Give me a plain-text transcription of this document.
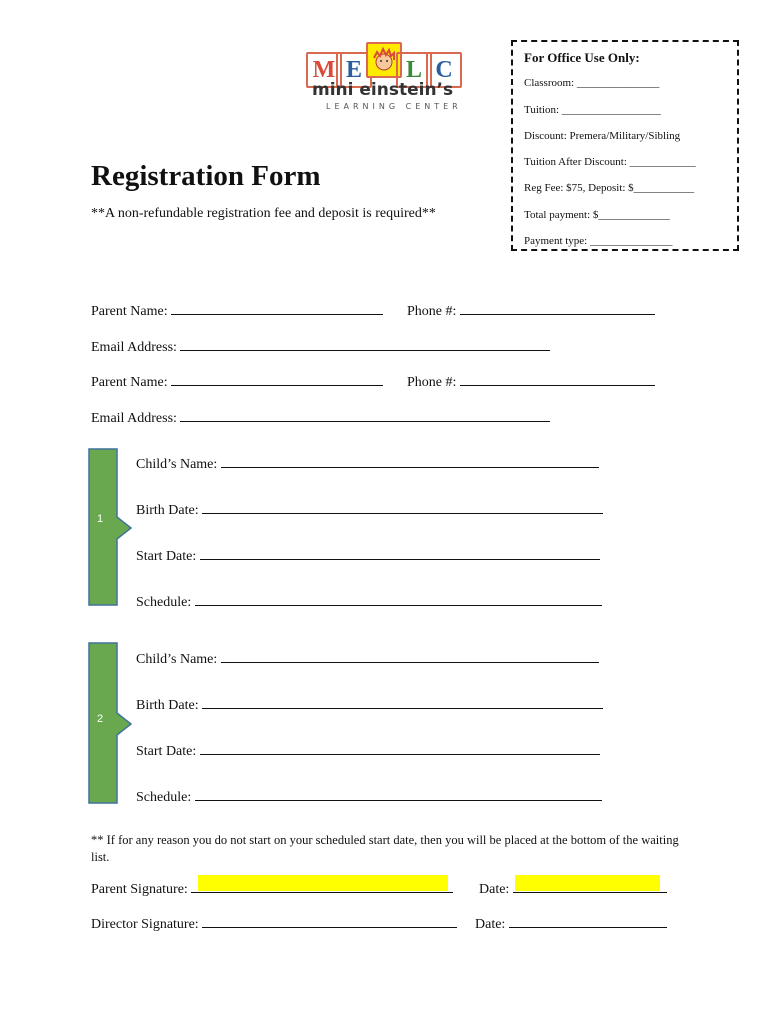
M E	L C
mini einstein’s
LEARNING CENTER
For Office Use Only:
Classroom: _______________
Tuition: __________________
Discount: Premera/Military/Sibling
Tuition After Discount: ____________
Reg Fee: $75, Deposit: $___________
Total payment: $_____________
Payment type: _______________
Registration Form
**A non-refundable registration fee and deposit is required**
Parent Name:	Phone #:
Email Address:
Parent Name:	Phone #:
Email Address:
1
Child’s Name:
Birth Date:
Start Date:
Schedule:
2
Child’s Name:
Birth Date:
Start Date:
Schedule:
** If for any reason you do not start on your scheduled start date, then you will be placed at the bottom of the waiting list.
Parent Signature:	Date:
Director Signature:	Date:
